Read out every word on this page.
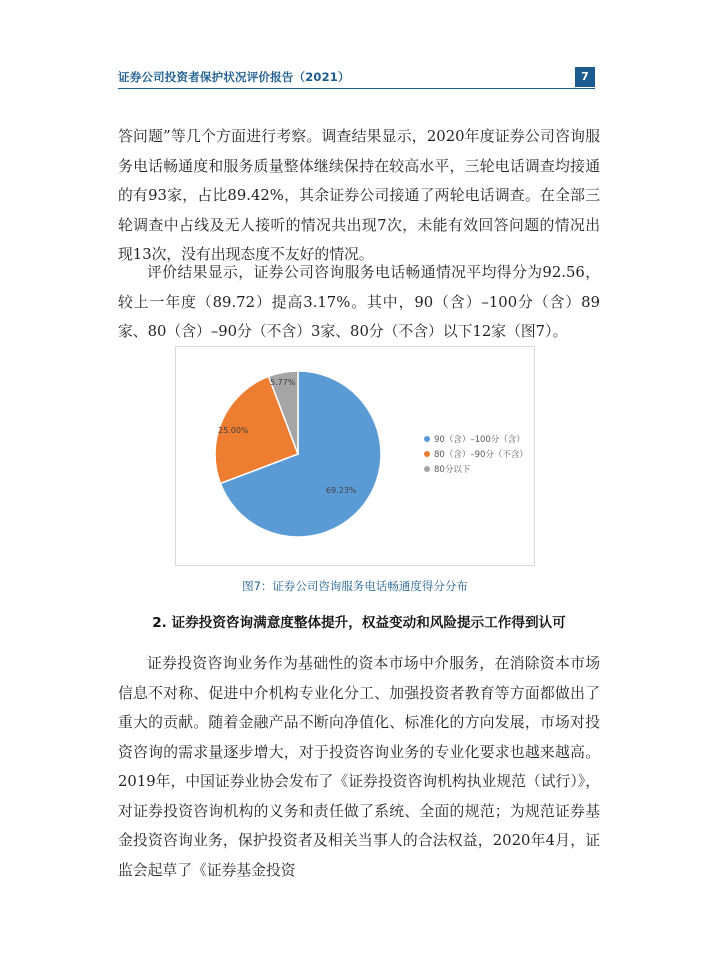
证券公司投资者保护状况评价报告（2021）	7

答问题”等几个方面进行考察。调查结果显示，2020年度证券公司咨询服务电话畅通度和服务质量整体继续保持在较高水平，三轮电话调查均接通的有93家，占比89.42%，其余证券公司接通了两轮电话调查。在全部三轮调查中占线及无人接听的情况共出现7次，未能有效回答问题的情况出现13次，没有出现态度不友好的情况。

评价结果显示，证券公司咨询服务电话畅通情况平均得分为92.56，较上一年度（89.72）提高3.17%。其中，90（含）–100分（含）89家、80（含）–90分（不含）3家、80分（不含）以下12家（图7）。

69.23%
25.00%
5.77%
90（含）–100分（含）
80（含）–90分（不含）
80分以下
图7：证券公司咨询服务电话畅通度得分分布
2. 证券投资咨询满意度整体提升，权益变动和风险提示工作得到认可

证券投资咨询业务作为基础性的资本市场中介服务，在消除资本市场信息不对称、促进中介机构专业化分工、加强投资者教育等方面都做出了重大的贡献。随着金融产品不断向净值化、标准化的方向发展，市场对投资咨询的需求量逐步增大，对于投资咨询业务的专业化要求也越来越高。2019年，中国证券业协会发布了《证券投资咨询机构执业规范（试行）》，对证券投资咨询机构的义务和责任做了系统、全面的规范；为规范证券基金投资咨询业务，保护投资者及相关当事人的合法权益，2020年4月，证监会起草了《证券基金投资
